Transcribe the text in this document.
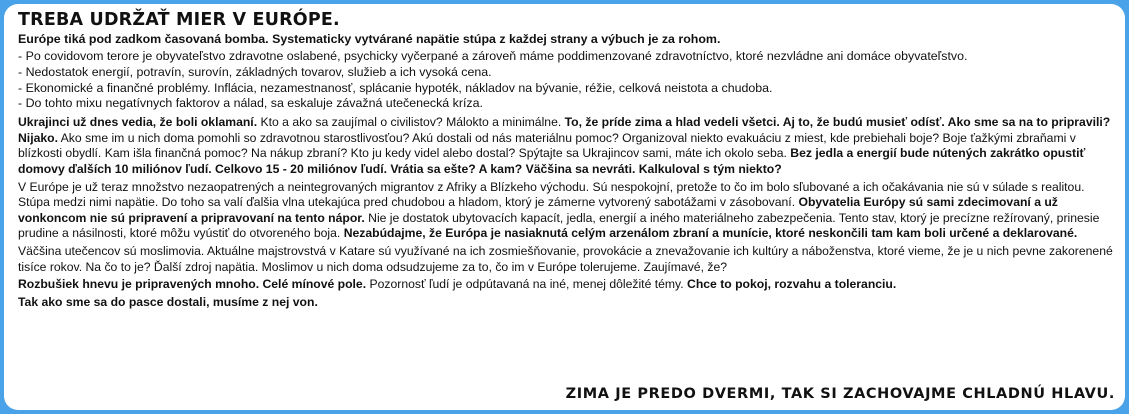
TREBA UDRŽAŤ MIER V EURÓPE.
Európe tiká pod zadkom časovaná bomba. Systematicky vytvárané napätie stúpa z každej strany a výbuch je za rohom.
- Po covidovom terore je obyvateľstvo zdravotne oslabené, psychicky vyčerpané a zároveň máme poddimenzované zdravotníctvo, ktoré nezvládne ani domáce obyvateľstvo.
- Nedostatok energií, potravín, surovín, základných tovarov, služieb a ich vysoká cena.
- Ekonomické a finančné problémy. Inflácia, nezamestnanosť, splácanie hypoték, nákladov na bývanie, réžie, celková neistota a chudoba.
- Do tohto mixu negatívnych faktorov a nálad, sa eskaluje závažná utečenecká kríza.

Ukrajinci už dnes vedia, že boli oklamaní. Kto a ako sa zaujímal o civilistov? Málokto a minimálne. To, že príde zima a hlad vedeli všetci. Aj to, že budú musieť odísť. Ako sme sa na to pripravili? Nijako. Ako sme im u nich doma pomohli so zdravotnou starostlivosťou? Akú dostali od nás materiálnu pomoc? Organizoval niekto evakuáciu z miest, kde prebiehali boje? Boje ťažkými zbraňami v blízkosti obydlí. Kam išla finančná pomoc? Na nákup zbraní? Kto ju kedy videl alebo dostal? Spýtajte sa Ukrajincov sami, máte ich okolo seba. Bez jedla a energií bude nútených zakrátko opustiť domovy ďalších 10 miliónov ľudí. Celkovo 15 - 20 miliónov ľudí. Vrátia sa ešte? A kam? Väčšina sa nevráti. Kalkuloval s tým niekto?

V Európe je už teraz množstvo nezaopatrených a neintegrovaných migrantov z Afriky a Blízkeho východu. Sú nespokojní, pretože to čo im bolo sľubované a ich očakávania nie sú v súlade s realitou. Stúpa medzi nimi napätie. Do toho sa valí ďalšia vlna utekajúca pred chudobou a hladom, ktorý je zámerne vytvorený sabotážami v zásobovaní. Obyvatelia Európy sú sami zdecimovaní a už vonkoncom nie sú pripravení a pripravovaní na tento nápor. Nie je dostatok ubytovacích kapacít, jedla, energií a iného materiálneho zabezpečenia. Tento stav, ktorý je precízne režírovaný, prinesie prudine a násilnosti, ktoré môžu vyústiť do otvoreného boja. Nezabúdajme, že Európa je nasiaknutá celým arzenálom zbraní a munície, ktoré neskončili tam kam boli určené a deklarované.

Väčšina utečencov sú moslimovia. Aktuálne majstrovstvá v Katare sú využívané na ich zosmiešňovanie, provokácie a znevažovanie ich kultúry a náboženstva, ktoré vieme, že je u nich pevne zakorenené tisíce rokov. Na čo to je? Ďalší zdroj napätia. Moslimov u nich doma odsudzujeme za to, čo im v Európe tolerujeme. Zaujímavé, že?

Rozbušiek hnevu je pripravených mnoho. Celé mínové pole. Pozornosť ľudí je odpútavaná na iné, menej dôležité témy. Chce to pokoj, rozvahu a toleranciu.

Tak ako sme sa do pasce dostali, musíme z nej von.

ZIMA JE PREDO DVERMI, TAK SI ZACHOVAJME CHLADNÚ HLAVU.
